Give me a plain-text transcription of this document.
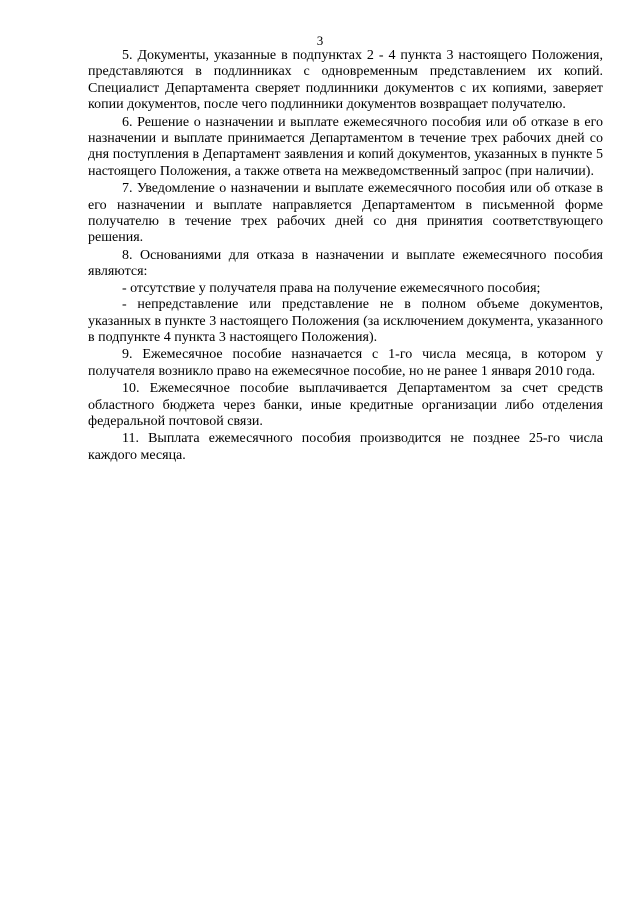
3

5. Документы, указанные в подпунктах 2 - 4 пункта 3 настоящего Положения, представляются в подлинниках с одновременным представлением их копий. Специалист Департамента сверяет подлинники документов с их копиями, заверяет копии документов, после чего подлинники документов возвращает получателю.

6. Решение о назначении и выплате ежемесячного пособия или об отказе в его назначении и выплате принимается Департаментом в течение трех рабочих дней со дня поступления в Департамент заявления и копий документов, указанных в пункте 5 настоящего Положения, а также ответа на межведомственный запрос (при наличии).

7. Уведомление о назначении и выплате ежемесячного пособия или об отказе в его назначении и выплате направляется Департаментом в письменной форме получателю в течение трех рабочих дней со дня принятия соответствующего решения.

8. Основаниями для отказа в назначении и выплате ежемесячного пособия являются:

- отсутствие у получателя права на получение ежемесячного пособия;

- непредставление или представление не в полном объеме документов, указанных в пункте 3 настоящего Положения (за исключением документа, указанного в подпункте 4 пункта 3 настоящего Положения).

9. Ежемесячное пособие назначается с 1-го числа месяца, в котором у получателя возникло право на ежемесячное пособие, но не ранее 1 января 2010 года.

10. Ежемесячное пособие выплачивается Департаментом за счет средств областного бюджета через банки, иные кредитные организации либо отделения федеральной почтовой связи.

11. Выплата ежемесячного пособия производится не позднее 25-го числа каждого месяца.
